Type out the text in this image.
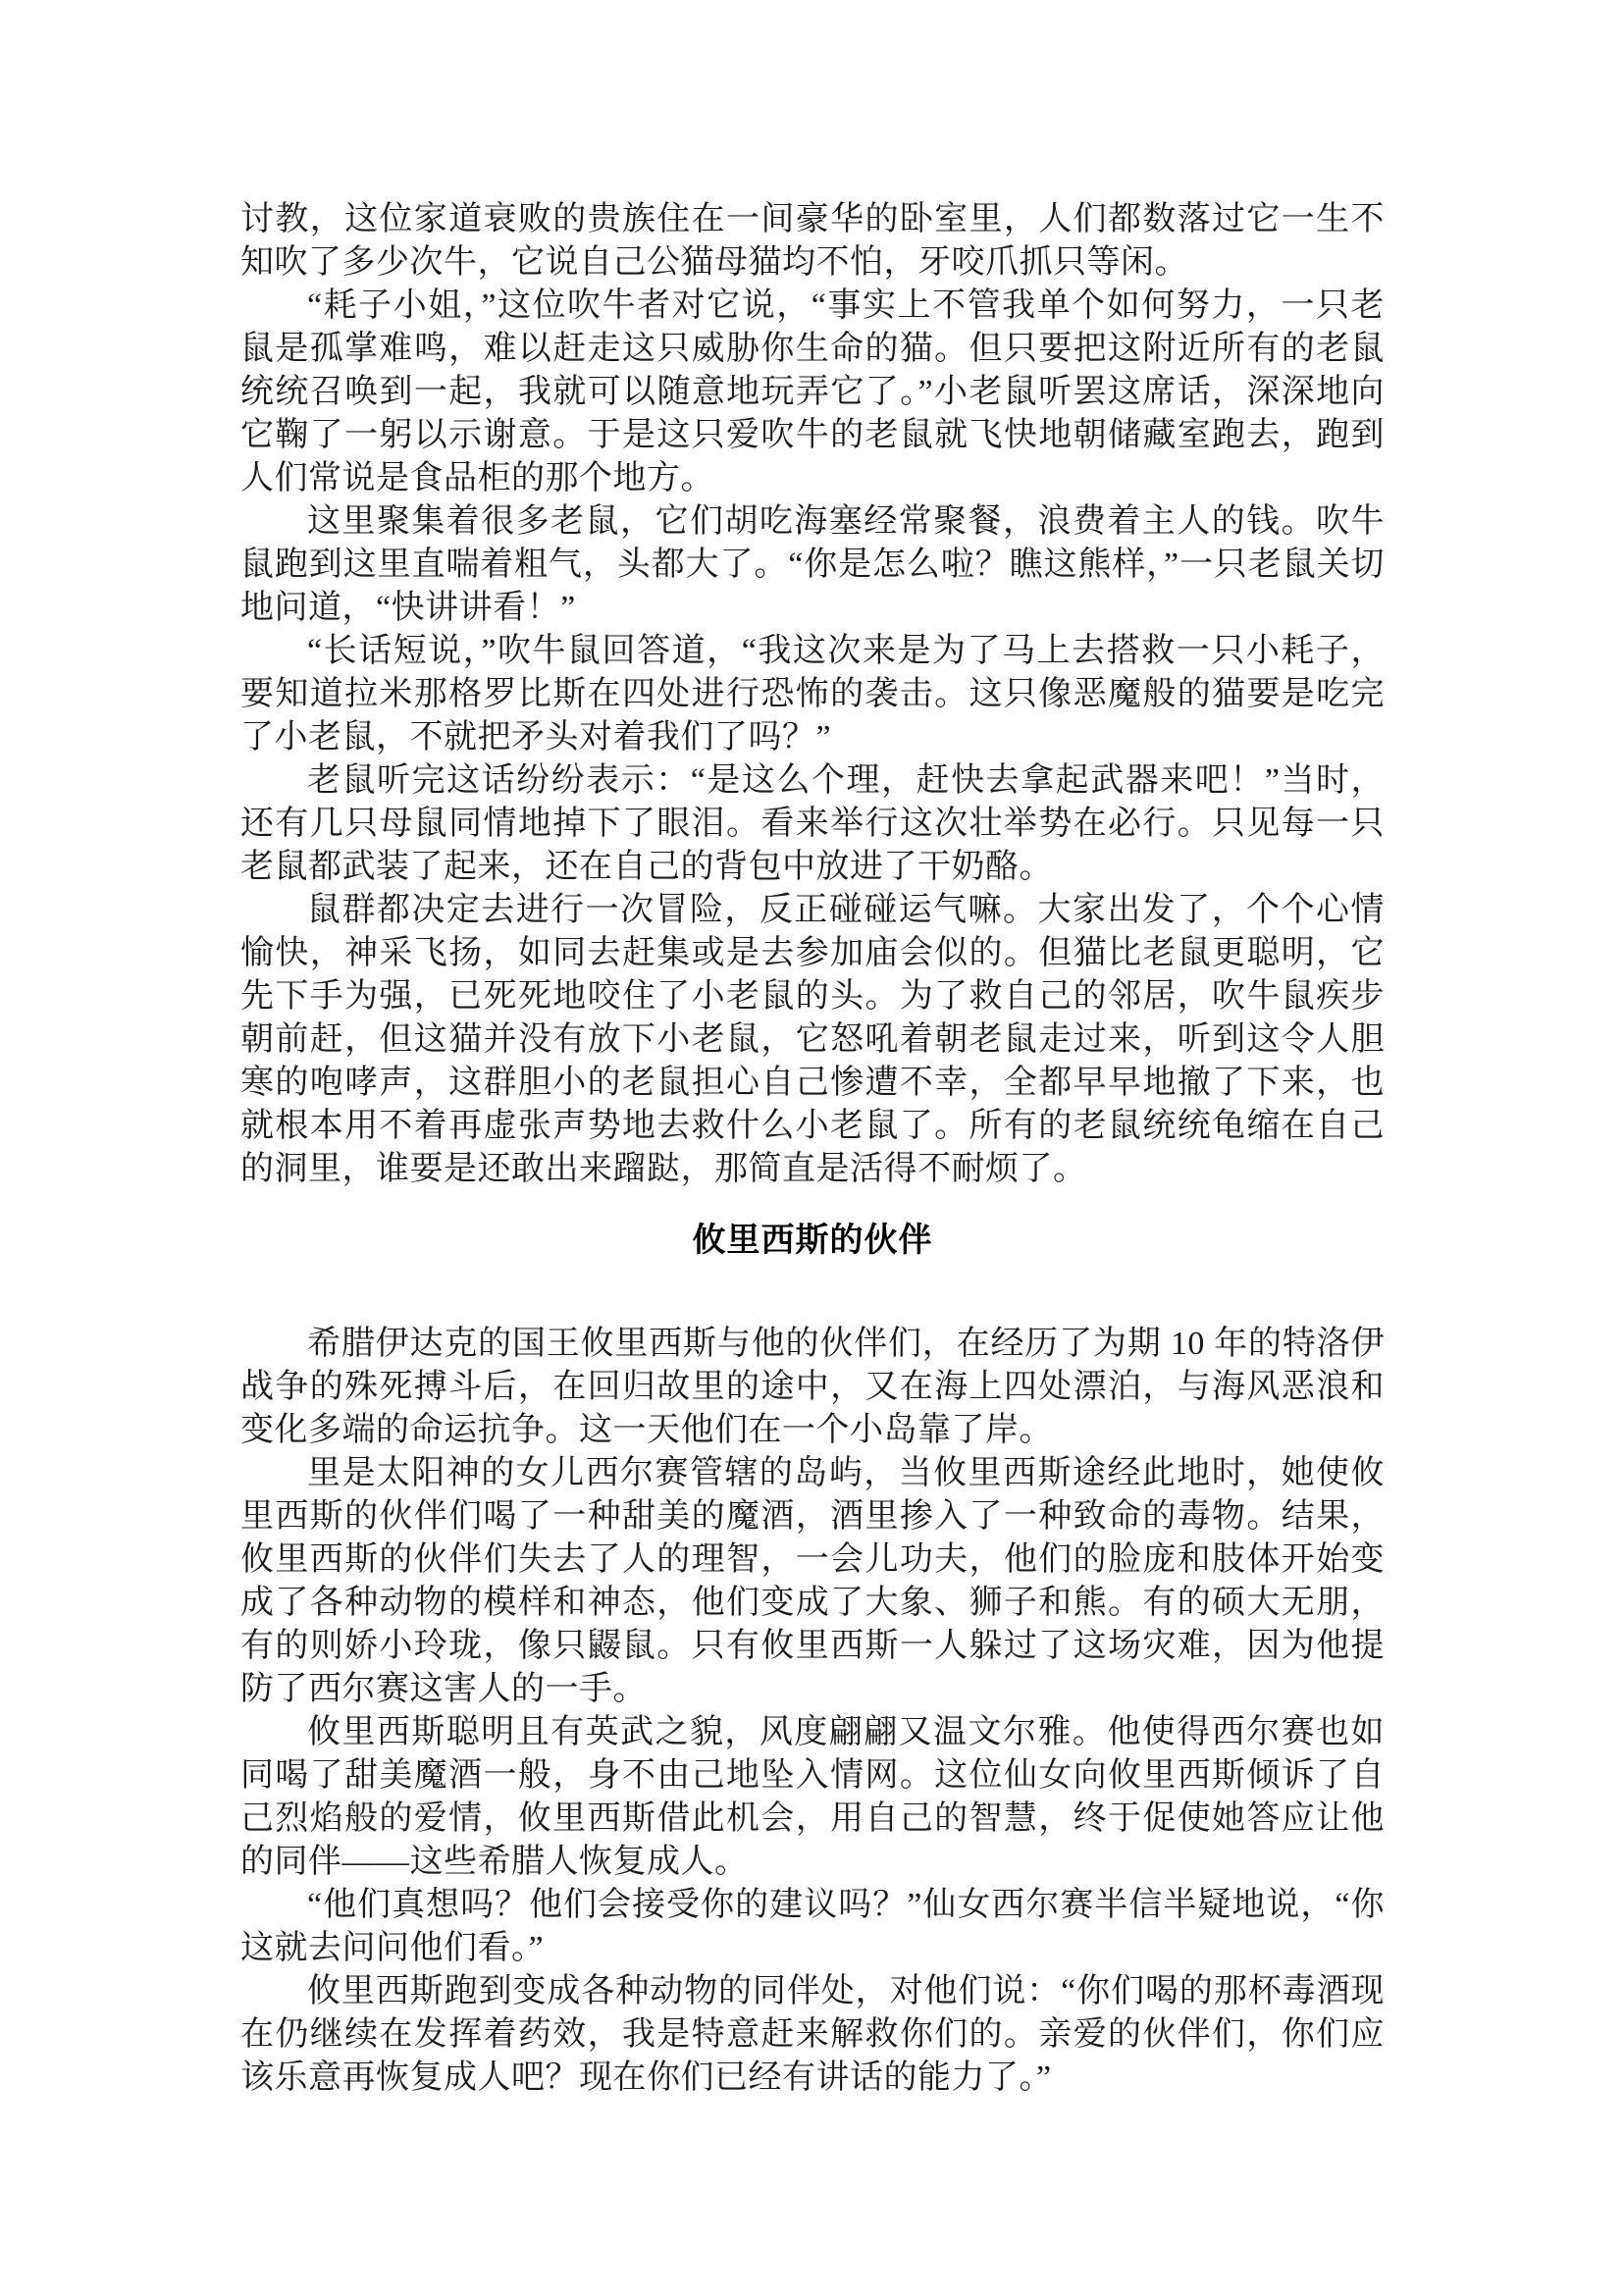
讨教，这位家道衰败的贵族住在一间豪华的卧室里，人们都数落过它一生不知吹了多少次牛，它说自己公猫母猫均不怕，牙咬爪抓只等闲。

“耗子小姐，”这位吹牛者对它说，“事实上不管我单个如何努力，一只老鼠是孤掌难鸣，难以赶走这只威胁你生命的猫。但只要把这附近所有的老鼠统统召唤到一起，我就可以随意地玩弄它了。”小老鼠听罢这席话，深深地向它鞠了一躬以示谢意。于是这只爱吹牛的老鼠就飞快地朝储藏室跑去，跑到人们常说是食品柜的那个地方。

这里聚集着很多老鼠，它们胡吃海塞经常聚餐，浪费着主人的钱。吹牛鼠跑到这里直喘着粗气，头都大了。“你是怎么啦？瞧这熊样，”一只老鼠关切地问道，“快讲讲看！”

“长话短说，”吹牛鼠回答道，“我这次来是为了马上去搭救一只小耗子，要知道拉米那格罗比斯在四处进行恐怖的袭击。这只像恶魔般的猫要是吃完了小老鼠，不就把矛头对着我们了吗？”

老鼠听完这话纷纷表示：“是这么个理，赶快去拿起武器来吧！”当时，还有几只母鼠同情地掉下了眼泪。看来举行这次壮举势在必行。只见每一只老鼠都武装了起来，还在自己的背包中放进了干奶酪。

鼠群都决定去进行一次冒险，反正碰碰运气嘛。大家出发了，个个心情愉快，神采飞扬，如同去赶集或是去参加庙会似的。但猫比老鼠更聪明，它先下手为强，已死死地咬住了小老鼠的头。为了救自己的邻居，吹牛鼠疾步朝前赶，但这猫并没有放下小老鼠，它怒吼着朝老鼠走过来，听到这令人胆寒的咆哮声，这群胆小的老鼠担心自己惨遭不幸，全都早早地撤了下来，也就根本用不着再虚张声势地去救什么小老鼠了。所有的老鼠统统龟缩在自己的洞里，谁要是还敢出来蹓跶，那简直是活得不耐烦了。

攸里西斯的伙伴

希腊伊达克的国王攸里西斯与他的伙伴们，在经历了为期 10 年的特洛伊战争的殊死搏斗后，在回归故里的途中，又在海上四处漂泊，与海风恶浪和变化多端的命运抗争。这一天他们在一个小岛靠了岸。

里是太阳神的女儿西尔赛管辖的岛屿，当攸里西斯途经此地时，她使攸里西斯的伙伴们喝了一种甜美的魔酒，酒里掺入了一种致命的毒物。结果，攸里西斯的伙伴们失去了人的理智，一会儿功夫，他们的脸庞和肢体开始变成了各种动物的模样和神态，他们变成了大象、狮子和熊。有的硕大无朋，有的则娇小玲珑，像只鼹鼠。只有攸里西斯一人躲过了这场灾难，因为他提防了西尔赛这害人的一手。

攸里西斯聪明且有英武之貌，风度翩翩又温文尔雅。他使得西尔赛也如同喝了甜美魔酒一般，身不由己地坠入情网。这位仙女向攸里西斯倾诉了自己烈焰般的爱情，攸里西斯借此机会，用自己的智慧，终于促使她答应让他的同伴——这些希腊人恢复成人。

“他们真想吗？他们会接受你的建议吗？”仙女西尔赛半信半疑地说，“你这就去问问他们看。”

攸里西斯跑到变成各种动物的同伴处，对他们说：“你们喝的那杯毒酒现在仍继续在发挥着药效，我是特意赶来解救你们的。亲爱的伙伴们，你们应该乐意再恢复成人吧？现在你们已经有讲话的能力了。”
